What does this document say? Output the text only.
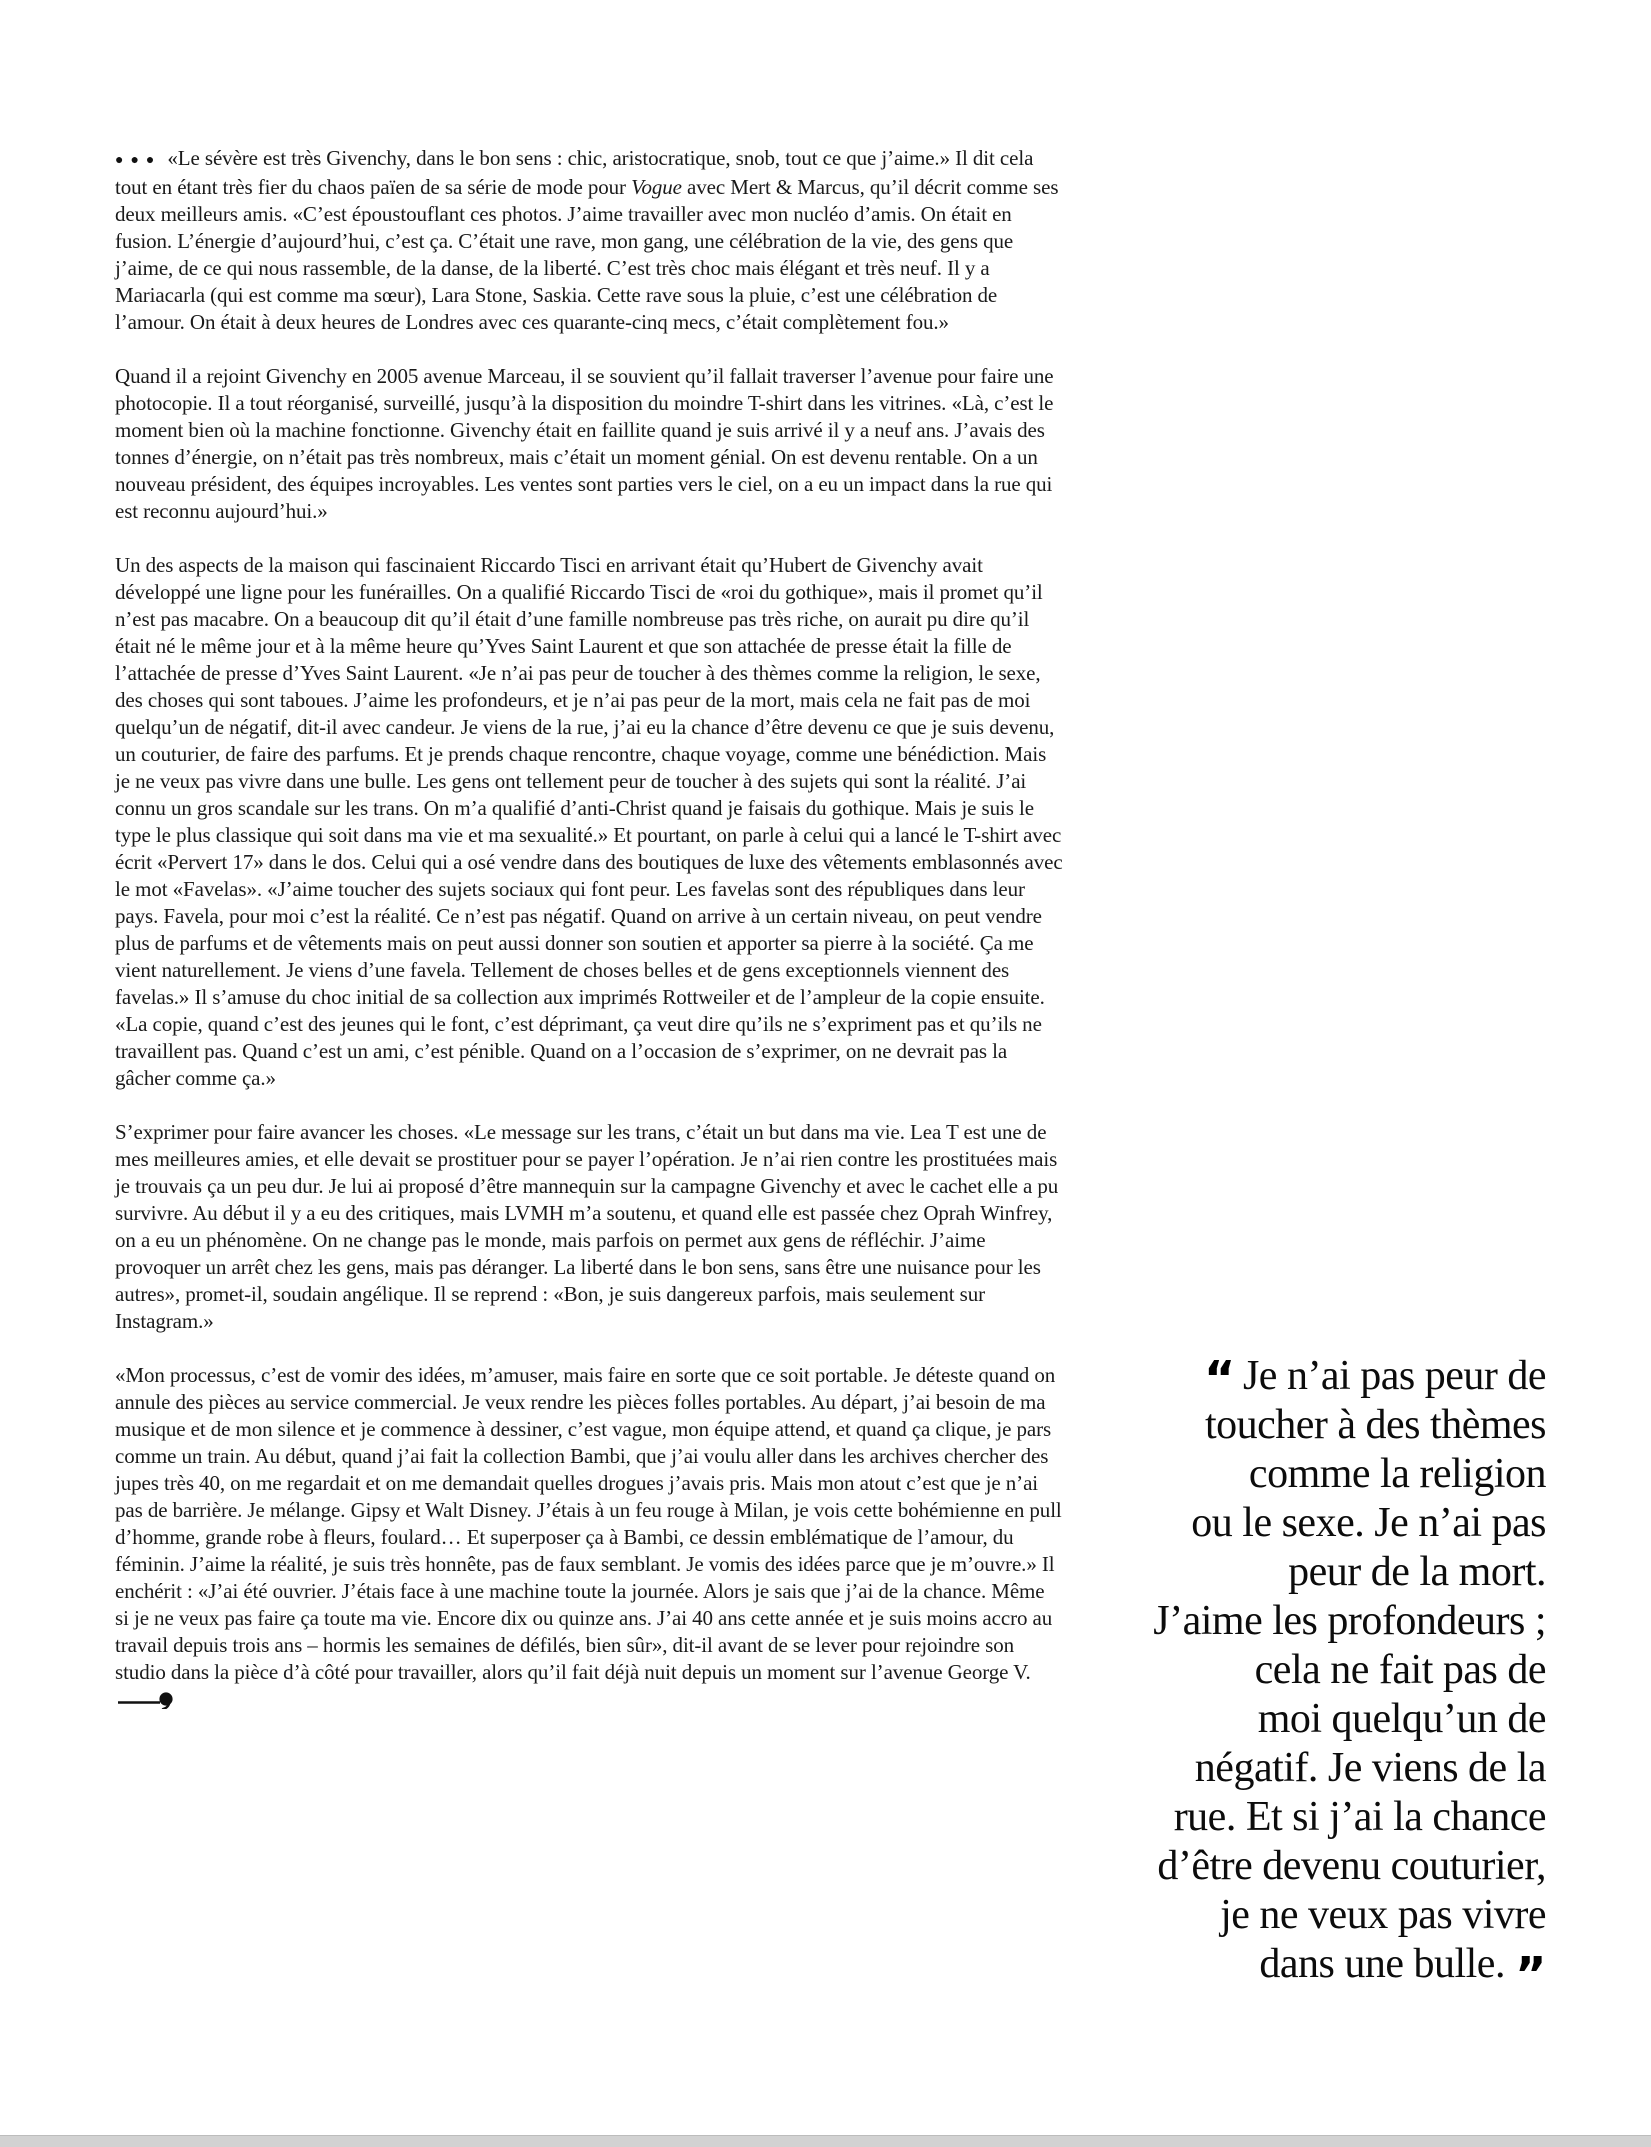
●●● «Le sévère est très Givenchy, dans le bon sens : chic, aristocratique, snob, tout ce que j’aime.» Il dit cela tout en étant très fier du chaos païen de sa série de mode pour Vogue avec Mert & Marcus, qu’il décrit comme ses deux meilleurs amis. «C’est époustouflant ces photos. J’aime travailler avec mon nucléo d’amis. On était en fusion. L’énergie d’aujourd’hui, c’est ça. C’était une rave, mon gang, une célébration de la vie, des gens que j’aime, de ce qui nous rassemble, de la danse, de la liberté. C’est très choc mais élégant et très neuf. Il y a Mariacarla (qui est comme ma sœur), Lara Stone, Saskia. Cette rave sous la pluie, c’est une célébration de l’amour. On était à deux heures de Londres avec ces quarante-cinq mecs, c’était complètement fou.»

Quand il a rejoint Givenchy en 2005 avenue Marceau, il se souvient qu’il fallait traverser l’avenue pour faire une photocopie. Il a tout réorganisé, surveillé, jusqu’à la disposition du moindre T-shirt dans les vitrines. «Là, c’est le moment bien où la machine fonctionne. Givenchy était en faillite quand je suis arrivé il y a neuf ans. J’avais des tonnes d’énergie, on n’était pas très nombreux, mais c’était un moment génial. On est devenu rentable. On a un nouveau président, des équipes incroyables. Les ventes sont parties vers le ciel, on a eu un impact dans la rue qui est reconnu aujourd’hui.»

Un des aspects de la maison qui fascinaient Riccardo Tisci en arrivant était qu’Hubert de Givenchy avait développé une ligne pour les funérailles. On a qualifié Riccardo Tisci de «roi du gothique», mais il promet qu’il n’est pas macabre. On a beaucoup dit qu’il était d’une famille nombreuse pas très riche, on aurait pu dire qu’il était né le même jour et à la même heure qu’Yves Saint Laurent et que son attachée de presse était la fille de l’attachée de presse d’Yves Saint Laurent. «Je n’ai pas peur de toucher à des thèmes comme la religion, le sexe, des choses qui sont taboues. J’aime les profondeurs, et je n’ai pas peur de la mort, mais cela ne fait pas de moi quelqu’un de négatif, dit-il avec candeur. Je viens de la rue, j’ai eu la chance d’être devenu ce que je suis devenu, un couturier, de faire des parfums. Et je prends chaque rencontre, chaque voyage, comme une bénédiction. Mais je ne veux pas vivre dans une bulle. Les gens ont tellement peur de toucher à des sujets qui sont la réalité. J’ai connu un gros scandale sur les trans. On m’a qualifié d’anti-Christ quand je faisais du gothique. Mais je suis le type le plus classique qui soit dans ma vie et ma sexualité.» Et pourtant, on parle à celui qui a lancé le T-shirt avec écrit «Pervert 17» dans le dos. Celui qui a osé vendre dans des boutiques de luxe des vêtements emblasonnés avec le mot «Favelas». «J’aime toucher des sujets sociaux qui font peur. Les favelas sont des républiques dans leur pays. Favela, pour moi c’est la réalité. Ce n’est pas négatif. Quand on arrive à un certain niveau, on peut vendre plus de parfums et de vêtements mais on peut aussi donner son soutien et apporter sa pierre à la société. Ça me vient naturellement. Je viens d’une favela. Tellement de choses belles et de gens exceptionnels viennent des favelas.» Il s’amuse du choc initial de sa collection aux imprimés Rottweiler et de l’ampleur de la copie ensuite. «La copie, quand c’est des jeunes qui le font, c’est déprimant, ça veut dire qu’ils ne s’expriment pas et qu’ils ne travaillent pas. Quand c’est un ami, c’est pénible. Quand on a l’occasion de s’exprimer, on ne devrait pas la gâcher comme ça.»

S’exprimer pour faire avancer les choses. «Le message sur les trans, c’était un but dans ma vie. Lea T est une de mes meilleures amies, et elle devait se prostituer pour se payer l’opération. Je n’ai rien contre les prostituées mais je trouvais ça un peu dur. Je lui ai proposé d’être mannequin sur la campagne Givenchy et avec le cachet elle a pu survivre. Au début il y a eu des critiques, mais LVMH m’a soutenu, et quand elle est passée chez Oprah Winfrey, on a eu un phénomène. On ne change pas le monde, mais parfois on permet aux gens de réfléchir. J’aime provoquer un arrêt chez les gens, mais pas déranger. La liberté dans le bon sens, sans être une nuisance pour les autres», promet-il, soudain angélique. Il se reprend : «Bon, je suis dangereux parfois, mais seulement sur Instagram.»

«Mon processus, c’est de vomir des idées, m’amuser, mais faire en sorte que ce soit portable. Je déteste quand on annule des pièces au service commercial. Je veux rendre les pièces folles portables. Au départ, j’ai besoin de ma musique et de mon silence et je commence à dessiner, c’est vague, mon équipe attend, et quand ça clique, je pars comme un train. Au début, quand j’ai fait la collection Bambi, que j’ai voulu aller dans les archives chercher des jupes très 40, on me regardait et on me demandait quelles drogues j’avais pris. Mais mon atout c’est que je n’ai pas de barrière. Je mélange. Gipsy et Walt Disney. J’étais à un feu rouge à Milan, je vois cette bohémienne en pull d’homme, grande robe à fleurs, foulard… Et superposer ça à Bambi, ce dessin emblématique de l’amour, du féminin. J’aime la réalité, je suis très honnête, pas de faux semblant. Je vomis des idées parce que je m’ouvre.» Il enchérit : «J’ai été ouvrier. J’étais face à une machine toute la journée. Alors je sais que j’ai de la chance. Même si je ne veux pas faire ça toute ma vie. Encore dix ou quinze ans. J’ai 40 ans cette année et je suis moins accro au travail depuis trois ans – hormis les semaines de défilés, bien sûr», dit-il avant de se lever pour rejoindre son studio dans la pièce d’à côté pour travailler, alors qu’il fait déjà nuit depuis un moment sur l’avenue George V.

“ Je n’ai pas peur de
toucher à des thèmes
comme la religion
ou le sexe. Je n’ai pas
peur de la mort.
J’aime les profondeurs ;
cela ne fait pas de
moi quelqu’un de
négatif. Je viens de la
rue. Et si j’ai la chance
d’être devenu couturier,
je ne veux pas vivre
dans une bulle. ”
